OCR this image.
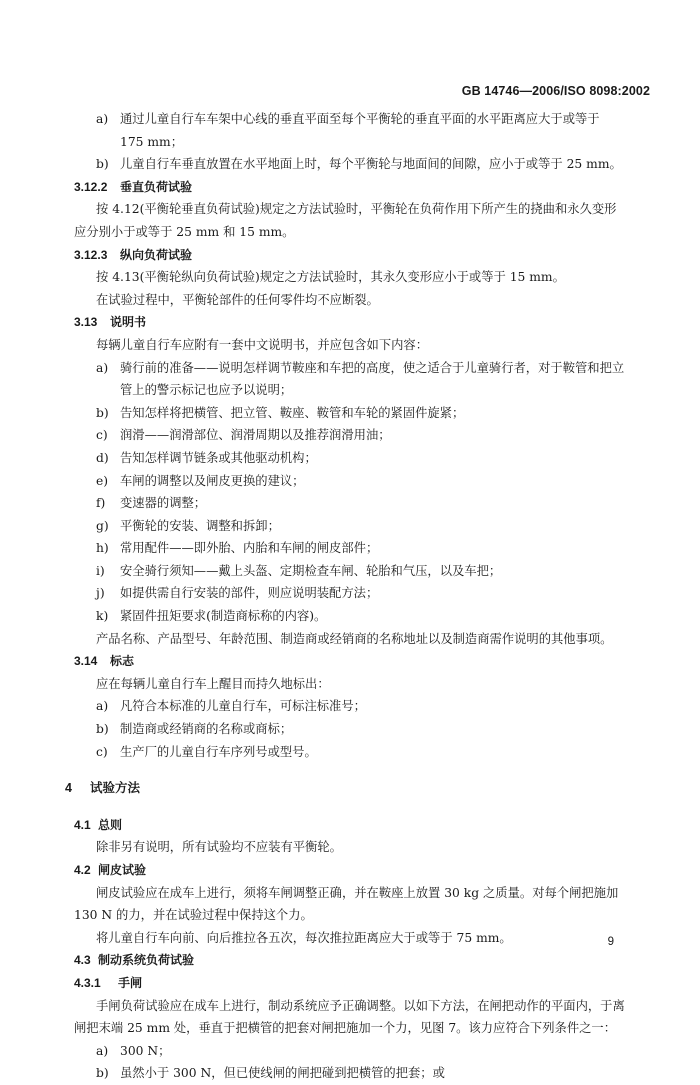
GB 14746—2006/ISO 8098:2002
a) 通过儿童自行车车架中心线的垂直平面至每个平衡轮的垂直平面的水平距离应大于或等于
175 mm；
b) 儿童自行车垂直放置在水平地面上时，每个平衡轮与地面间的间隙，应小于或等于 25 mm。
3.12.2 垂直负荷试验
按 4.12(平衡轮垂直负荷试验)规定之方法试验时，平衡轮在负荷作用下所产生的挠曲和永久变形
应分别小于或等于 25 mm 和 15 mm。
3.12.3 纵向负荷试验
按 4.13(平衡轮纵向负荷试验)规定之方法试验时，其永久变形应小于或等于 15 mm。
在试验过程中，平衡轮部件的任何零件均不应断裂。
3.13 说明书
每辆儿童自行车应附有一套中文说明书，并应包含如下内容：
a) 骑行前的准备——说明怎样调节鞍座和车把的高度，使之适合于儿童骑行者，对于鞍管和把立
管上的警示标记也应予以说明；
b) 告知怎样将把横管、把立管、鞍座、鞍管和车轮的紧固件旋紧；
c) 润滑——润滑部位、润滑周期以及推荐润滑用油；
d) 告知怎样调节链条或其他驱动机构；
e) 车闸的调整以及闸皮更换的建议；
f) 变速器的调整；
g) 平衡轮的安装、调整和拆卸；
h) 常用配件——即外胎、内胎和车闸的闸皮部件；
i) 安全骑行须知——戴上头盔、定期检查车闸、轮胎和气压，以及车把；
j) 如提供需自行安装的部件，则应说明装配方法；
k) 紧固件扭矩要求(制造商标称的内容)。
产品名称、产品型号、年龄范围、制造商或经销商的名称地址以及制造商需作说明的其他事项。
3.14 标志
应在每辆儿童自行车上醒目而持久地标出：
a) 凡符合本标准的儿童自行车，可标注标准号；
b) 制造商或经销商的名称或商标；
c) 生产厂的儿童自行车序列号或型号。
4 试验方法
4.1 总则
除非另有说明，所有试验均不应装有平衡轮。
4.2 闸皮试验
闸皮试验应在成车上进行，须将车闸调整正确，并在鞍座上放置 30 kg 之质量。对每个闸把施加
130 N 的力，并在试验过程中保持这个力。
将儿童自行车向前、向后推拉各五次，每次推拉距离应大于或等于 75 mm。
4.3 制动系统负荷试验
4.3.1 手闸
手闸负荷试验应在成车上进行，制动系统应予正确调整。以如下方法，在闸把动作的平面内，于离
闸把末端 25 mm 处，垂直于把横管的把套对闸把施加一个力，见图 7。该力应符合下列条件之一：
a) 300 N；
b) 虽然小于 300 N，但已使线闸的闸把碰到把横管的把套；或
9
